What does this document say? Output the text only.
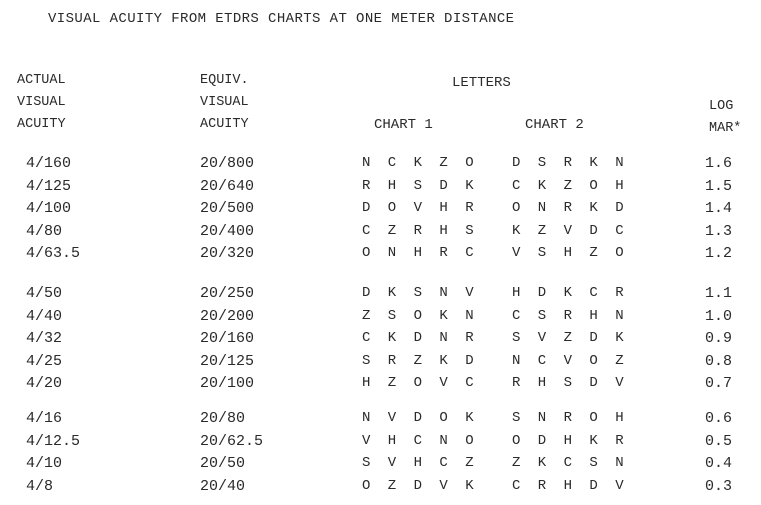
VISUAL ACUITY FROM ETDRS CHARTS AT ONE METER DISTANCE
ACTUAL
VISUAL
ACUITY
EQUIV.
VISUAL
ACUITY
LETTERS
CHART 1	CHART 2
LOG
MAR*
4/160	20/800	N C K Z O D S R K N	1.6
4/125	20/640	R H S D K C K Z O H	1.5
4/100	20/500	D O V H R O N R K D	1.4
4/80	20/400	C Z R H S K Z V D C	1.3
4/63.5	20/320	O N H R C V S H Z O	1.2
4/50	20/250	D K S N V H D K C R	1.1
4/40	20/200	Z S O K N C S R H N	1.0
4/32	20/160	C K D N R S V Z D K	0.9
4/25	20/125	S R Z K D N C V O Z	0.8
4/20	20/100	H Z O V C R H S D V	0.7
4/16	20/80	N V D O K S N R O H	0.6
4/12.5	20/62.5	V H C N O O D H K R	0.5
4/10	20/50	S V H C Z Z K C S N	0.4
4/8	20/40	O Z D V K C R H D V	0.3
